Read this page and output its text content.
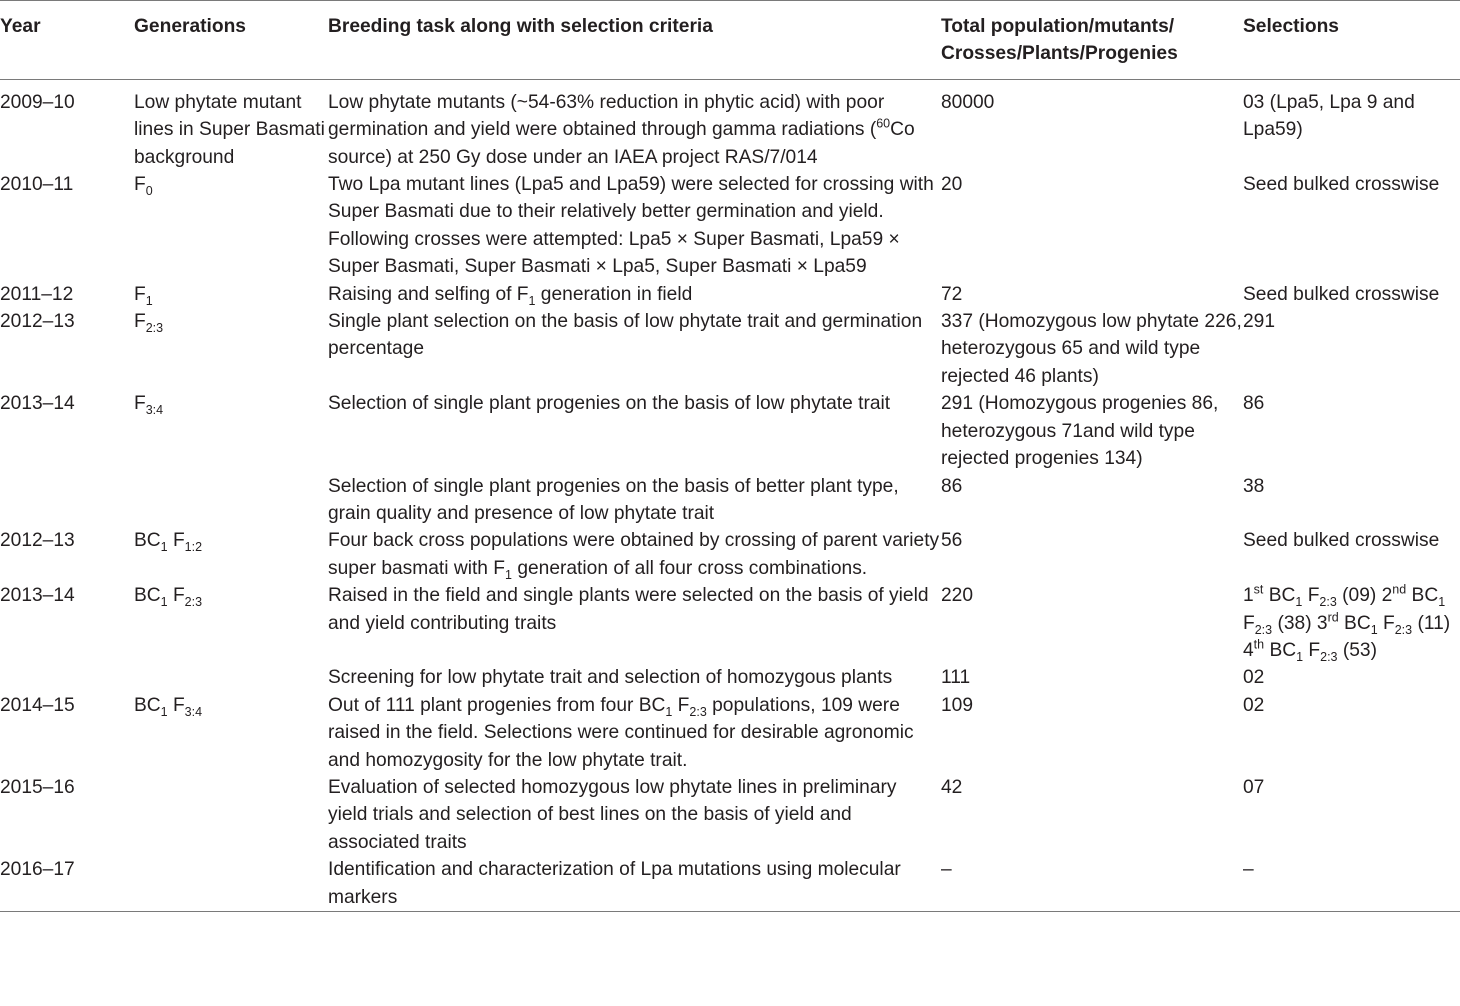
Year	Generations	Breeding task along with selection criteria	Total population/mutants/ Crosses/Plants/Progenies	Selections
2009–10	Low phytate mutant lines in Super Basmati background	Low phytate mutants (~54-63% reduction in phytic acid) with poor germination and yield were obtained through gamma radiations ($^{60}$Co source) at 250 Gy dose under an IAEA project RAS/7/014	80000	03 (Lpa5, Lpa 9 and Lpa59)
2010–11	$F_0$	Two Lpa mutant lines (Lpa5 and Lpa59) were selected for crossing with Super Basmati due to their relatively better germination and yield. Following crosses were attempted: Lpa5 × Super Basmati, Lpa59 × Super Basmati, Super Basmati × Lpa5, Super Basmati × Lpa59	20	Seed bulked crosswise
2011–12	$F_1$	Raising and selfing of $F_1$ generation in field	72	Seed bulked crosswise
2012–13	$F_{2:3}$	Single plant selection on the basis of low phytate trait and germination percentage	337 (Homozygous low phytate 226, heterozygous 65 and wild type rejected 46 plants)	291
2013–14	$F_{3:4}$	Selection of single plant progenies on the basis of low phytate trait	291 (Homozygous progenies 86, heterozygous 71and wild type rejected progenies 134)	86
		Selection of single plant progenies on the basis of better plant type, grain quality and presence of low phytate trait	86	38
2012–13	$BC_1$ $F_{1:2}$	Four back cross populations were obtained by crossing of parent variety super basmati with $F_1$ generation of all four cross combinations.	56	Seed bulked crosswise
2013–14	$BC_1$ $F_{2:3}$	Raised in the field and single plants were selected on the basis of yield and yield contributing traits	220	1st $BC_1$ $F_{2:3}$ (09) 2nd $BC_1$ $F_{2:3}$ (38) 3rd $BC_1$ $F_{2:3}$ (11) 4th $BC_1$ $F_{2:3}$ (53)
		Screening for low phytate trait and selection of homozygous plants	111	02
2014–15	$BC_1$ $F_{3:4}$	Out of 111 plant progenies from four $BC_1$ $F_{2:3}$ populations, 109 were raised in the field. Selections were continued for desirable agronomic and homozygosity for the low phytate trait.	109	02
2015–16		Evaluation of selected homozygous low phytate lines in preliminary yield trials and selection of best lines on the basis of yield and associated traits	42	07
2016–17		Identification and characterization of Lpa mutations using molecular markers	–	–
